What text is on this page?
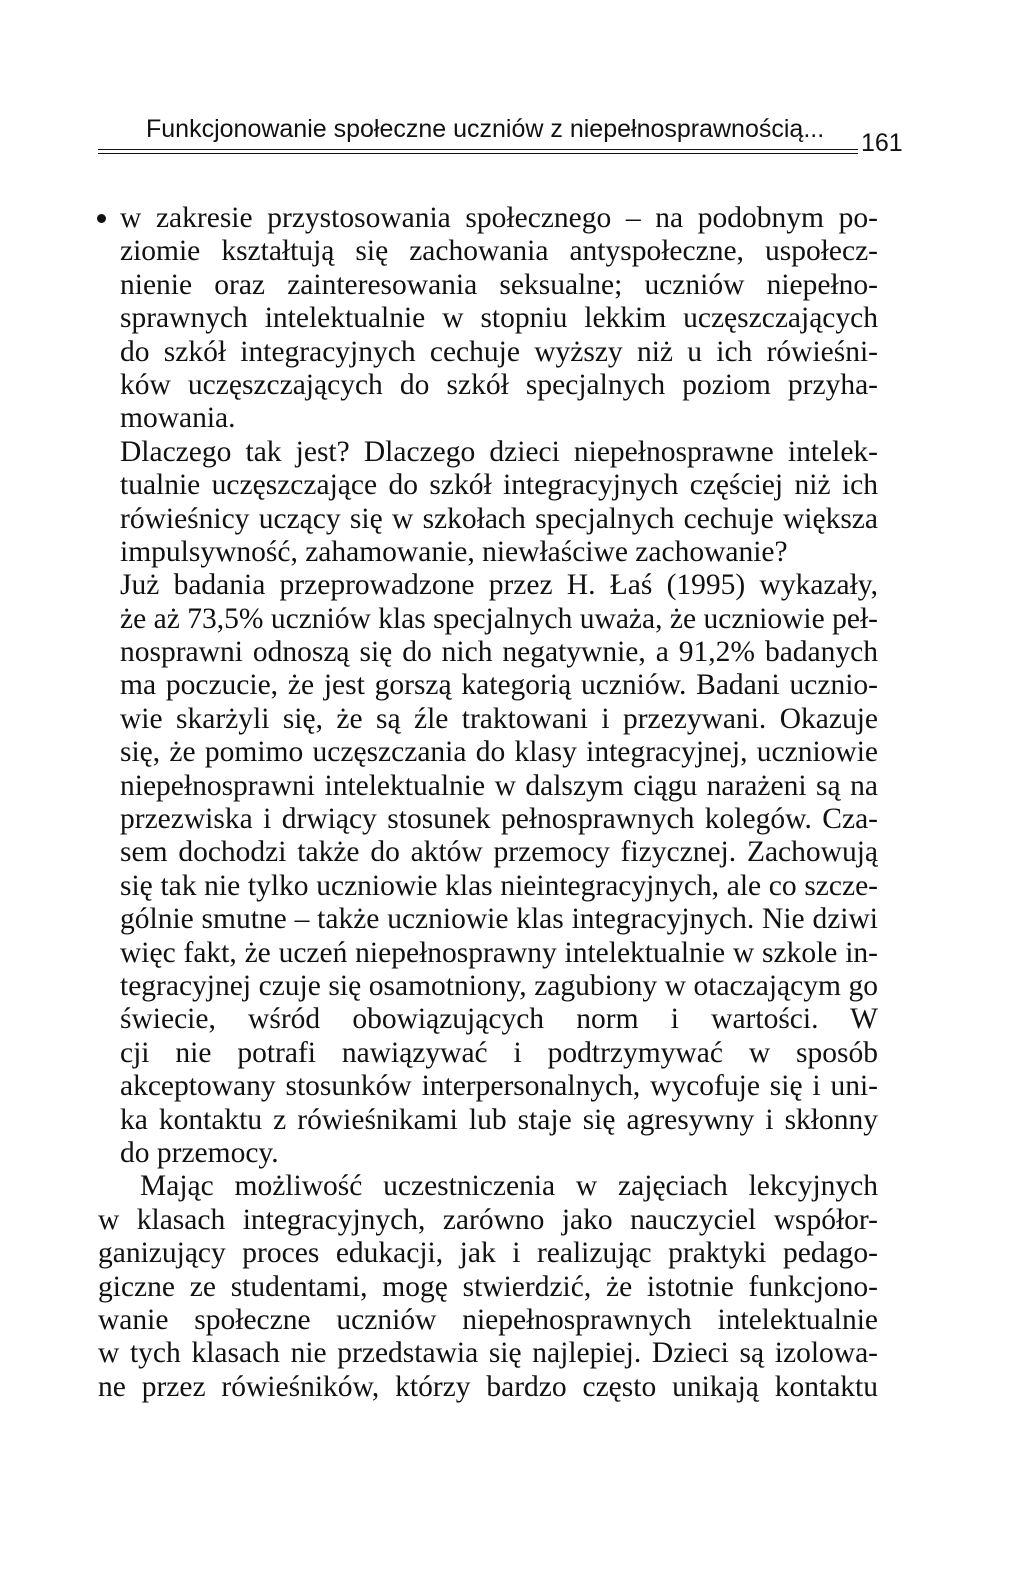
Funkcjonowanie społeczne uczniów z niepełnosprawnością... 161
w zakresie przystosowania społecznego – na podobnym po-
ziomie kształtują się zachowania antyspołeczne, uspołecz-
nienie oraz zainteresowania seksualne; uczniów niepełno-
sprawnych intelektualnie w stopniu lekkim uczęszczających
do szkół integracyjnych cechuje wyższy niż u ich rówieśni-
ków uczęszczających do szkół specjalnych poziom przyha-
mowania.
Dlaczego tak jest? Dlaczego dzieci niepełnosprawne intelek-
tualnie uczęszczające do szkół integracyjnych częściej niż ich
rówieśnicy uczący się w szkołach specjalnych cechuje większa
impulsywność, zahamowanie, niewłaściwe zachowanie?
Już badania przeprowadzone przez H. Łaś (1995) wykazały,
że aż 73,5% uczniów klas specjalnych uważa, że uczniowie peł-
nosprawni odnoszą się do nich negatywnie, a 91,2% badanych
ma poczucie, że jest gorszą kategorią uczniów. Badani ucznio-
wie skarżyli się, że są źle traktowani i przezywani. Okazuje
się, że pomimo uczęszczania do klasy integracyjnej, uczniowie
niepełnosprawni intelektualnie w dalszym ciągu narażeni są na
przezwiska i drwiący stosunek pełnosprawnych kolegów. Cza-
sem dochodzi także do aktów przemocy fizycznej. Zachowują
się tak nie tylko uczniowie klas nieintegracyjnych, ale co szcze-
gólnie smutne – także uczniowie klas integracyjnych. Nie dziwi
więc fakt, że uczeń niepełnosprawny intelektualnie w szkole in-
tegracyjnej czuje się osamotniony, zagubiony w otaczającym go
świecie, wśród obowiązujących norm i wartości. W
cji nie potrafi nawiązywać i podtrzymywać w sposób
akceptowany stosunków interpersonalnych, wycofuje się i uni-
ka kontaktu z rówieśnikami lub staje się agresywny i skłonny
do przemocy.
Mając możliwość uczestniczenia w zajęciach lekcyjnych
w klasach integracyjnych, zarówno jako nauczyciel współor-
ganizujący proces edukacji, jak i realizując praktyki pedago-
giczne ze studentami, mogę stwierdzić, że istotnie funkcjono-
wanie społeczne uczniów niepełnosprawnych intelektualnie
w tych klasach nie przedstawia się najlepiej. Dzieci są izolowa-
ne przez rówieśników, którzy bardzo często unikają kontaktu
